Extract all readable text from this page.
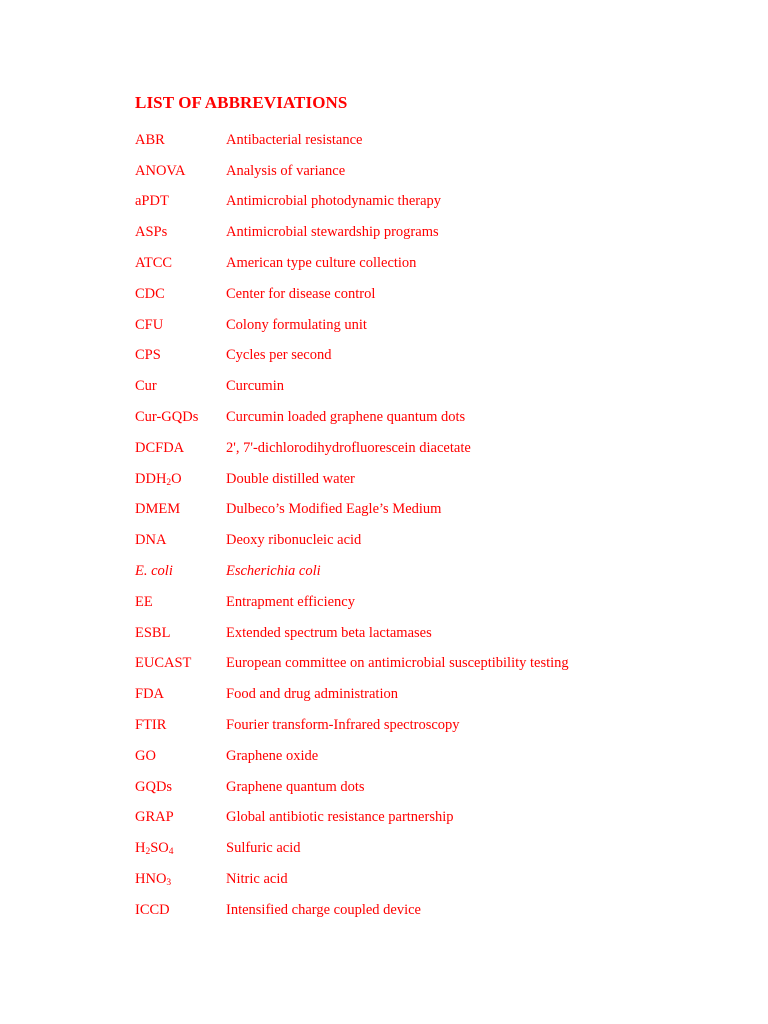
LIST OF ABBREVIATIONS
ABR	Antibacterial resistance
ANOVA	Analysis of variance
aPDT	Antimicrobial photodynamic therapy
ASPs	Antimicrobial stewardship programs
ATCC	American type culture collection
CDC	Center for disease control
CFU	Colony formulating unit
CPS	Cycles per second
Cur	Curcumin
Cur-GQDs	Curcumin loaded graphene quantum dots
DCFDA	2', 7'-dichlorodihydrofluorescein diacetate
$DDH_2O$	Double distilled water
DMEM	Dulbeco’s Modified Eagle’s Medium
DNA	Deoxy ribonucleic acid
E. coli	Escherichia coli
EE	Entrapment efficiency
ESBL	Extended spectrum beta lactamases
EUCAST	European committee on antimicrobial susceptibility testing
FDA	Food and drug administration
FTIR	Fourier transform-Infrared spectroscopy
GO	Graphene oxide
GQDs	Graphene quantum dots
GRAP	Global antibiotic resistance partnership
$H_2SO_4$	Sulfuric acid
$HNO_3$	Nitric acid
ICCD	Intensified charge coupled device
